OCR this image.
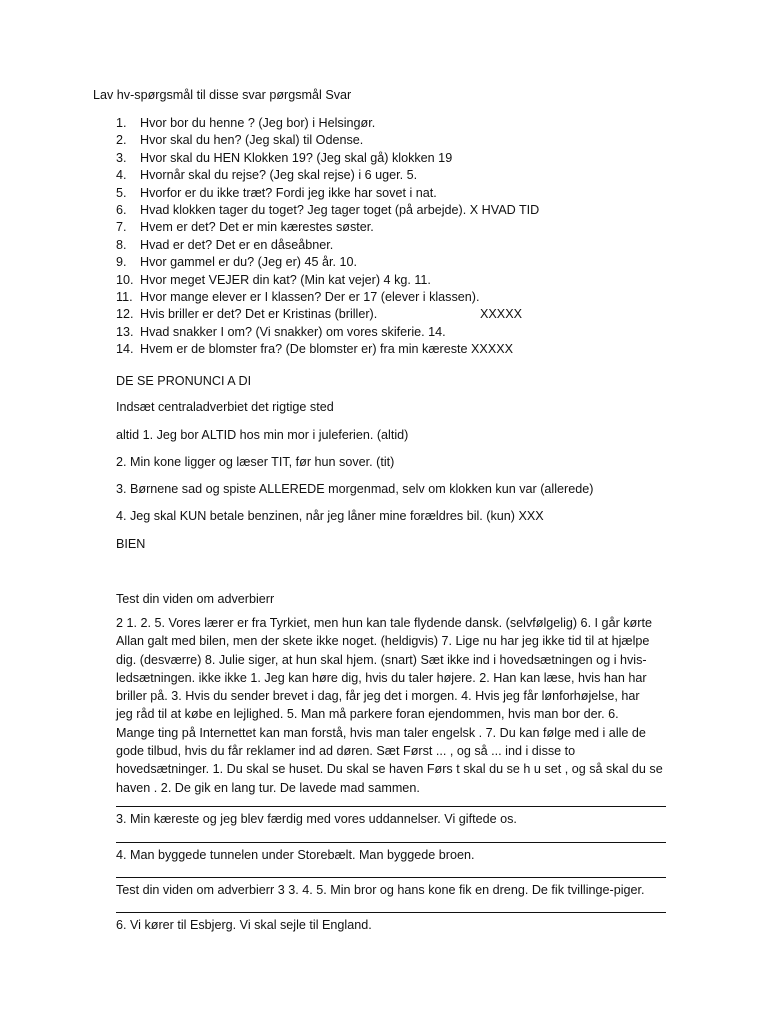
Lav hv-spørgsmål til disse svar pørgsmål Svar
1. Hvor bor du henne ? (Jeg bor) i Helsingør.
2. Hvor skal du hen? (Jeg skal) til Odense.
3. Hvor skal du HEN Klokken 19? (Jeg skal gå) klokken 19
4. Hvornår skal du rejse? (Jeg skal rejse) i 6 uger. 5.
5. Hvorfor er du ikke træt? Fordi jeg ikke har sovet i nat.
6. Hvad klokken tager du toget? Jeg tager toget (på arbejde). X HVAD TID
7. Hvem er det? Det er min kærestes søster.
8. Hvad er det? Det er en dåseåbner.
9. Hvor gammel er du? (Jeg er) 45 år. 10.
10. Hvor meget VEJER din kat? (Min kat vejer) 4 kg. 11.
11. Hvor mange elever er I klassen? Der er 17 (elever i klassen).
12. Hvis briller er det? Det er Kristinas (briller).	XXXXX
13. Hvad snakker I om? (Vi snakker) om vores skiferie. 14.
14. Hvem er de blomster fra? (De blomster er) fra min kæreste XXXXX
DE SE PRONUNCI A DI
Indsæt centraladverbiet det rigtige sted
altid 1. Jeg bor ALTID hos min mor i juleferien. (altid)
2. Min kone ligger og læser TIT, før hun sover. (tit)
3. Børnene sad og spiste ALLEREDE morgenmad, selv om klokken kun var (allerede)
4. Jeg skal KUN betale benzinen, når jeg låner mine forældres bil. (kun) XXX
BIEN
Test din viden om adverbierr
2 1. 2. 5. Vores lærer er fra Tyrkiet, men hun kan tale flydende dansk. (selvfølgelig) 6. I går kørte
Allan galt med bilen, men der skete ikke noget. (heldigvis) 7. Lige nu har jeg ikke tid til at hjælpe
dig. (desværre) 8. Julie siger, at hun skal hjem. (snart) Sæt ikke ind i hovedsætningen og i hvis-
ledsætningen. ikke ikke 1. Jeg kan høre dig, hvis du taler højere. 2. Han kan læse, hvis han har
briller på. 3. Hvis du sender brevet i dag, får jeg det i morgen. 4. Hvis jeg får lønforhøjelse, har
jeg råd til at købe en lejlighed. 5. Man må parkere foran ejendommen, hvis man bor der. 6.
Mange ting på Internettet kan man forstå, hvis man taler engelsk . 7. Du kan følge med i alle de
gode tilbud, hvis du får reklamer ind ad døren. Sæt Først ... , og så ... ind i disse to
hovedsætninger. 1. Du skal se huset. Du skal se haven Førs t skal du se h u set , og så skal du se
haven . 2. De gik en lang tur. De lavede mad sammen.
3. Min kæreste og jeg blev færdig med vores uddannelser. Vi giftede os.
4. Man byggede tunnelen under Storebælt. Man byggede broen.
Test din viden om adverbierr 3 3. 4. 5. Min bror og hans kone fik en dreng. De fik tvillinge-piger.
6. Vi kører til Esbjerg. Vi skal sejle til England.
